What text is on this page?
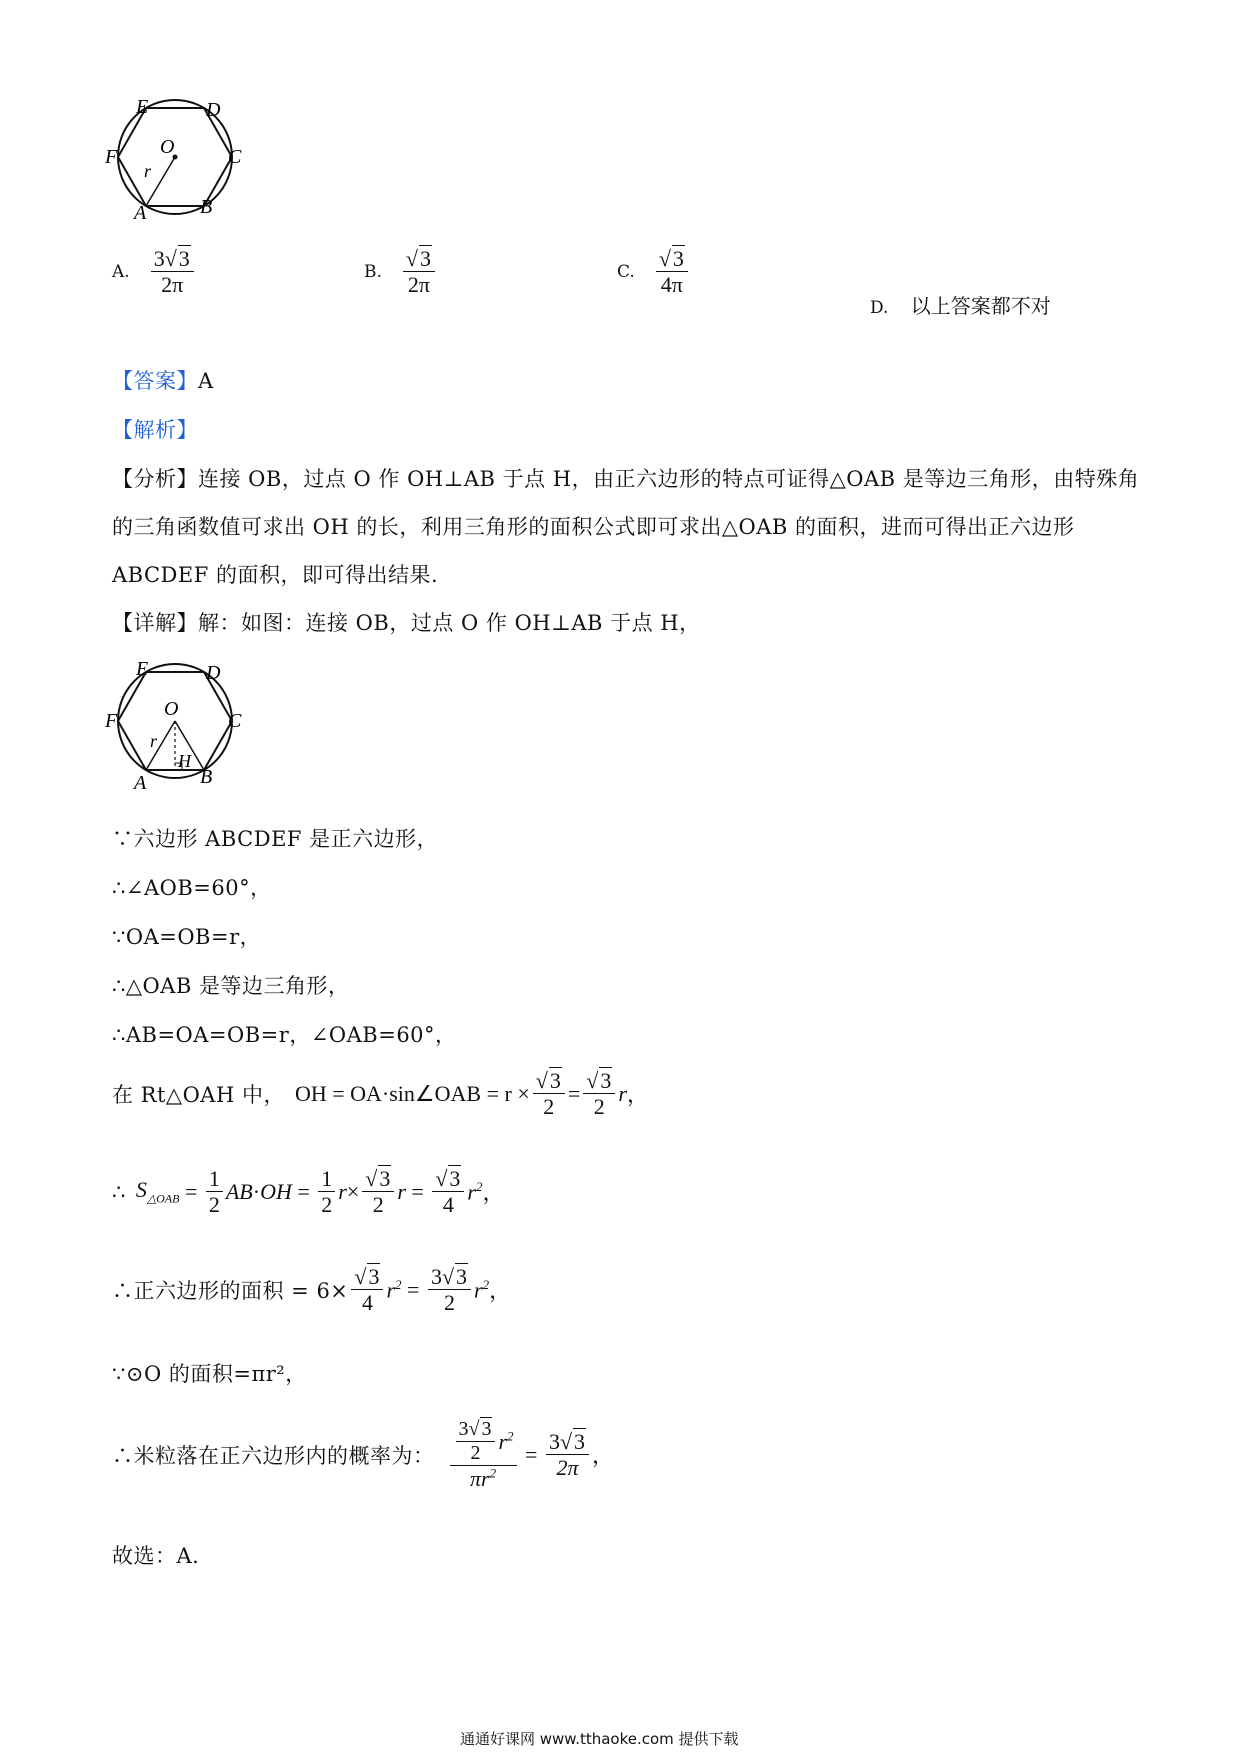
E	D
F	C
A	B
O
r
A. $\frac{3√3}{2\pi}$	B. $\frac{√3}{2\pi}$	C. $\frac{√3}{4\pi}$
D. 以上答案都不对
【答案】A
【解析】
【分析】连接 OB，过点 O 作 OH⊥AB 于点 H，由正六边形的特点可证得△OAB 是等边三角形，由特殊角
的三角函数值可求出 OH 的长，利用三角形的面积公式即可求出△OAB 的面积，进而可得出正六边形
ABCDEF 的面积，即可得出结果.
【详解】解：如图：连接 OB，过点 O 作 OH⊥AB 于点 H，
E	D
F	C
A	B
O
r
H
∵六边形 ABCDEF 是正六边形，
∴∠AOB=60°，
∵OA=OB=r，
∴△OAB 是等边三角形，
∴AB=OA=OB=r，∠OAB=60°，
在 Rt△OAH 中， OH = OA·sin∠OAB = $r \times \frac{√3}{2} = \frac{√3}{2}$ r ，
∴ $S_{\triangle OAB} = \frac{1}{2}$ AB · OH = $\frac{1}{2}$ $r \times \frac{√3}{2}$ $r = \frac{√3}{4} r^2$ ，
∴正六边形的面积 = $6\times \frac{√3}{4} r^2 = \frac{3√3}{2} r^2$ ，
∵⊙O 的面积=πr²，
∴米粒落在正六边形内的概率为： $\frac{\frac{3√ 3}{2} r^2}{\pi r^2} = \frac{3√3}{2\pi}$ ，
故选：A.
通通好课网 www.tthaoke.com 提供下载
